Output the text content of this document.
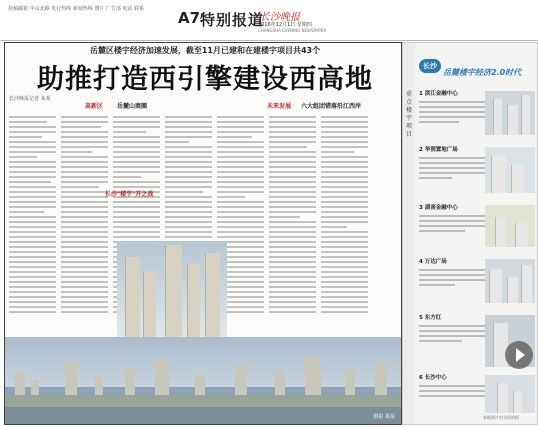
投稿邮箱 中山北路 发行热线 新闻热线 图片 广告部 电话 联系	A7 特别报道
长沙晚报
2016年12月1日 星期四
CHANGSHA EVENING NEWSPAPER
岳麓区楼宇经济加速发展，截至11月已建和在建楼宇项目共43个
助推打造西引擎建设西高地
长沙晚报记者 某某
高新区 岳麓山商圈
长沙"楼宇"开之战
未来发展 六大组团错落沿江西岸
摄影 某某
重点楼宇项目
长沙
岳麓楼宇经济2.0时代
1 滨江金融中心
2 华润置地广场
3 湖南金融中心
4 万达广场
5 东方红
6 长沙中心
本版图片均为资料图
